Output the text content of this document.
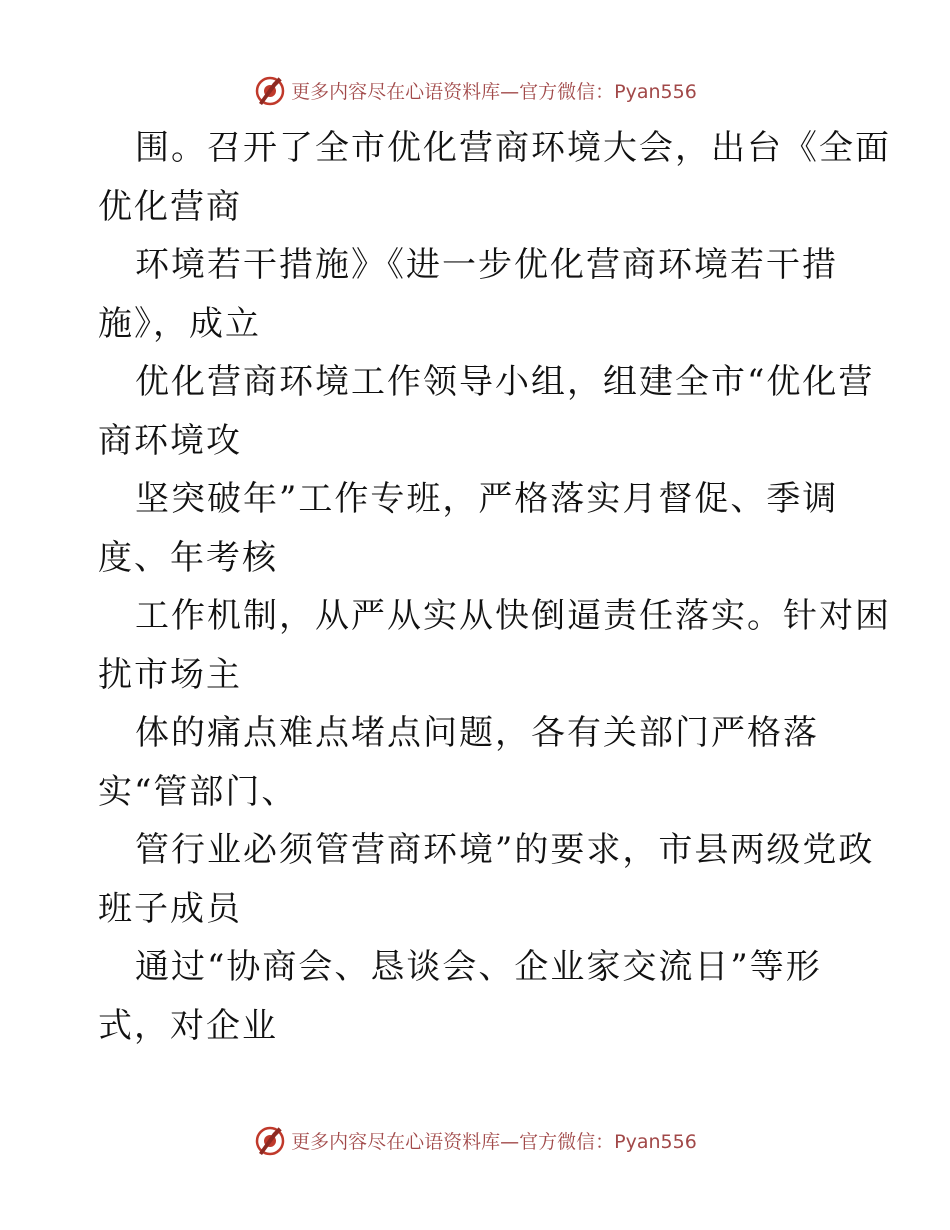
更多内容尽在心语资料库—官方微信：Pyan556
围。召开了全市优化营商环境大会，出台《全面
优化营商
环境若干措施》《进一步优化营商环境若干措
施》，成立
优化营商环境工作领导小组，组建全市“优化营
商环境攻
坚突破年”工作专班，严格落实月督促、季调
度、年考核
工作机制，从严从实从快倒逼责任落实。针对困
扰市场主
体的痛点难点堵点问题，各有关部门严格落
实“管部门、
管行业必须管营商环境”的要求，市县两级党政
班子成员
通过“协商会、恳谈会、企业家交流日”等形
式，对企业
更多内容尽在心语资料库—官方微信：Pyan556
